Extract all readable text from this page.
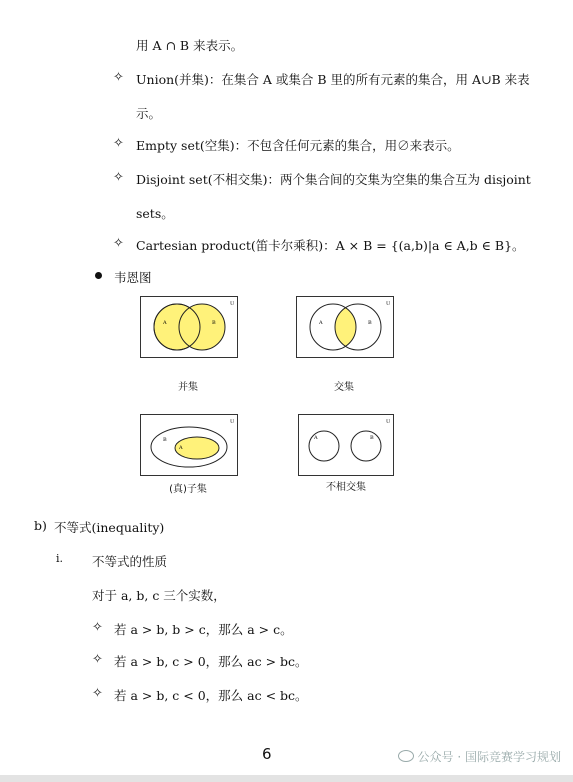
用 A ∩ B 来表示。
✧ Union(并集)：在集合 A 或集合 B 里的所有元素的集合，用 A∪B 来表
示。
✧ Empty set(空集)：不包含任何元素的集合，用∅来表示。
✧ Disjoint set(不相交集)：两个集合间的交集为空集的集合互为 disjoint
sets。
✧ Cartesian product(笛卡尔乘积)：A × B = {(a,b)|a ∈ A,b ∈ B}。
韦恩图
A	B
U
并集
A	B
U
交集
B
A
U
(真)子集
A	B
U
不相交集
b) 不等式(inequality)
i. 不等式的性质
对于 a, b, c 三个实数，
✧ 若 a > b, b > c，那么 a > c。
✧ 若 a > b, c > 0，那么 ac > bc。
✧ 若 a > b, c < 0，那么 ac < bc。
6	公众号 · 国际竞赛学习规划
